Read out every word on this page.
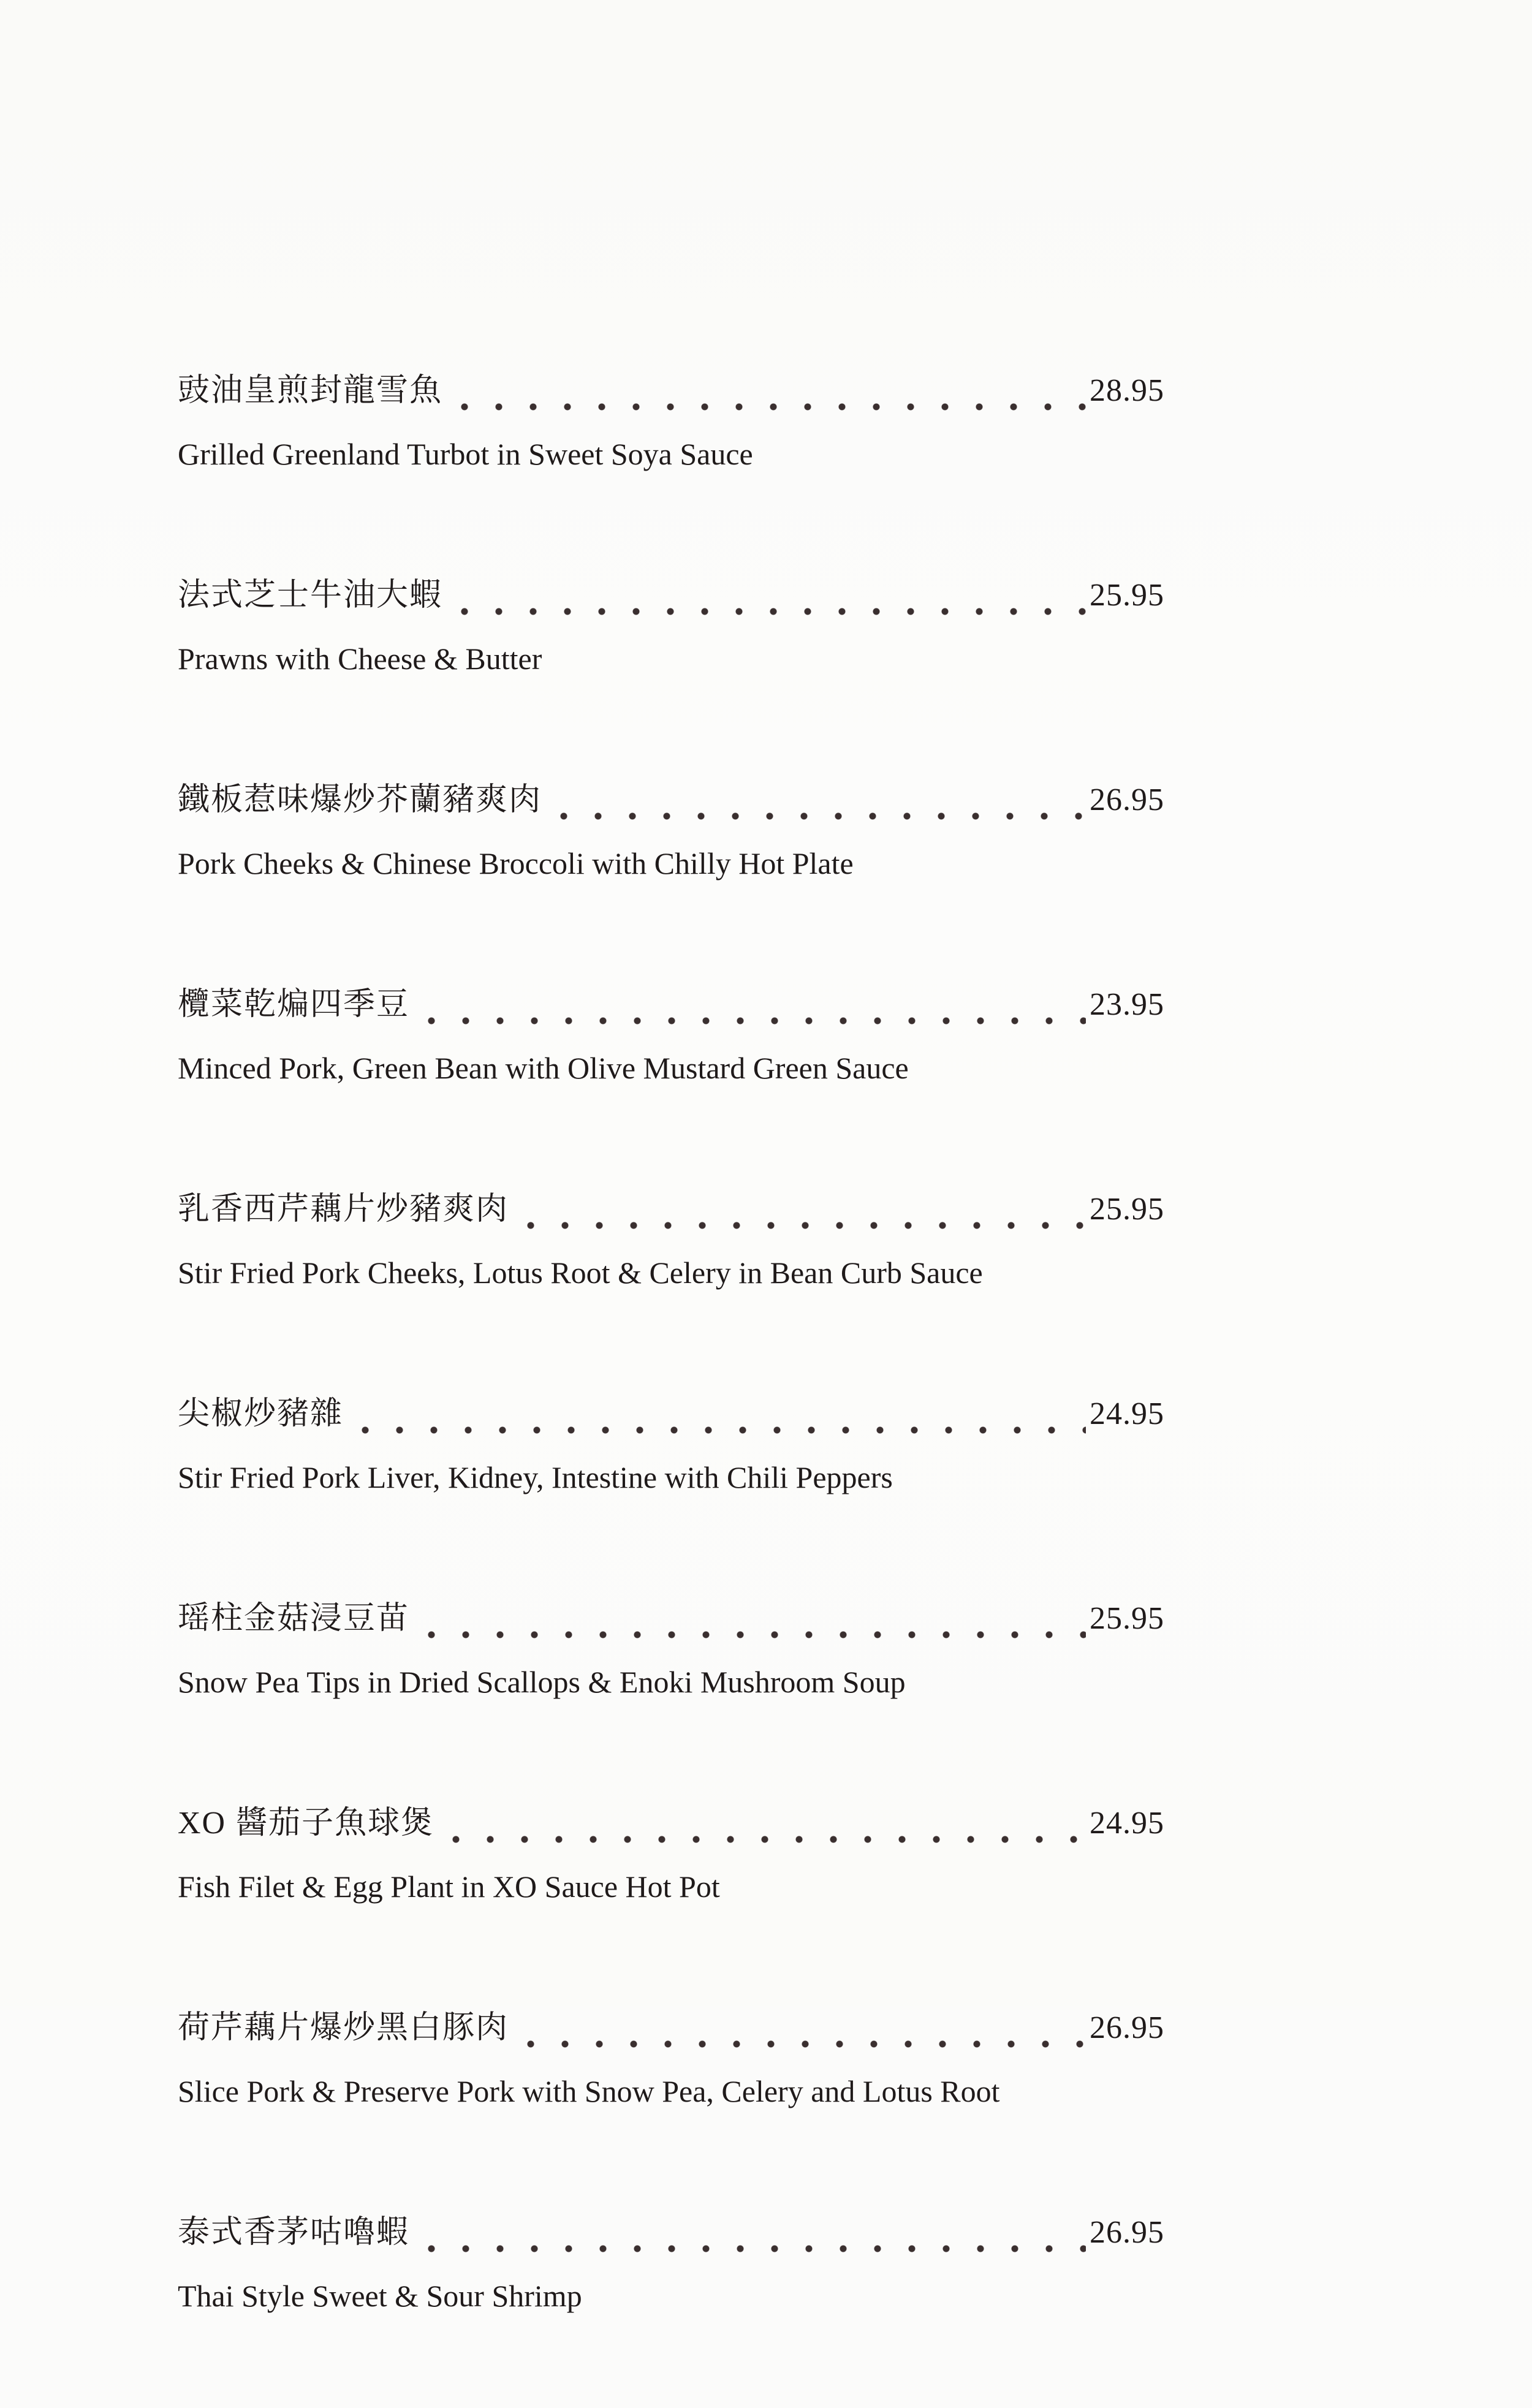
豉油皇煎封龍雪魚	28.95
Grilled Greenland Turbot in Sweet Soya Sauce
法式芝士牛油大蝦	25.95
Prawns with Cheese & Butter
鐵板惹味爆炒芥蘭豬爽肉	26.95
Pork Cheeks & Chinese Broccoli with Chilly Hot Plate
欖菜乾煸四季豆	23.95
Minced Pork, Green Bean with Olive Mustard Green Sauce
乳香西芹藕片炒豬爽肉	25.95
Stir Fried Pork Cheeks, Lotus Root & Celery in Bean Curb Sauce
尖椒炒豬雜	24.95
Stir Fried Pork Liver, Kidney, Intestine with Chili Peppers
瑶柱金菇浸豆苗	25.95
Snow Pea Tips in Dried Scallops & Enoki Mushroom Soup
XO 醬茄子魚球煲	24.95
Fish Filet & Egg Plant in XO Sauce Hot Pot
荷芹藕片爆炒黑白豚肉	26.95
Slice Pork & Preserve Pork with Snow Pea, Celery and Lotus Root
泰式香茅咕嚕蝦	26.95
Thai Style Sweet & Sour Shrimp
